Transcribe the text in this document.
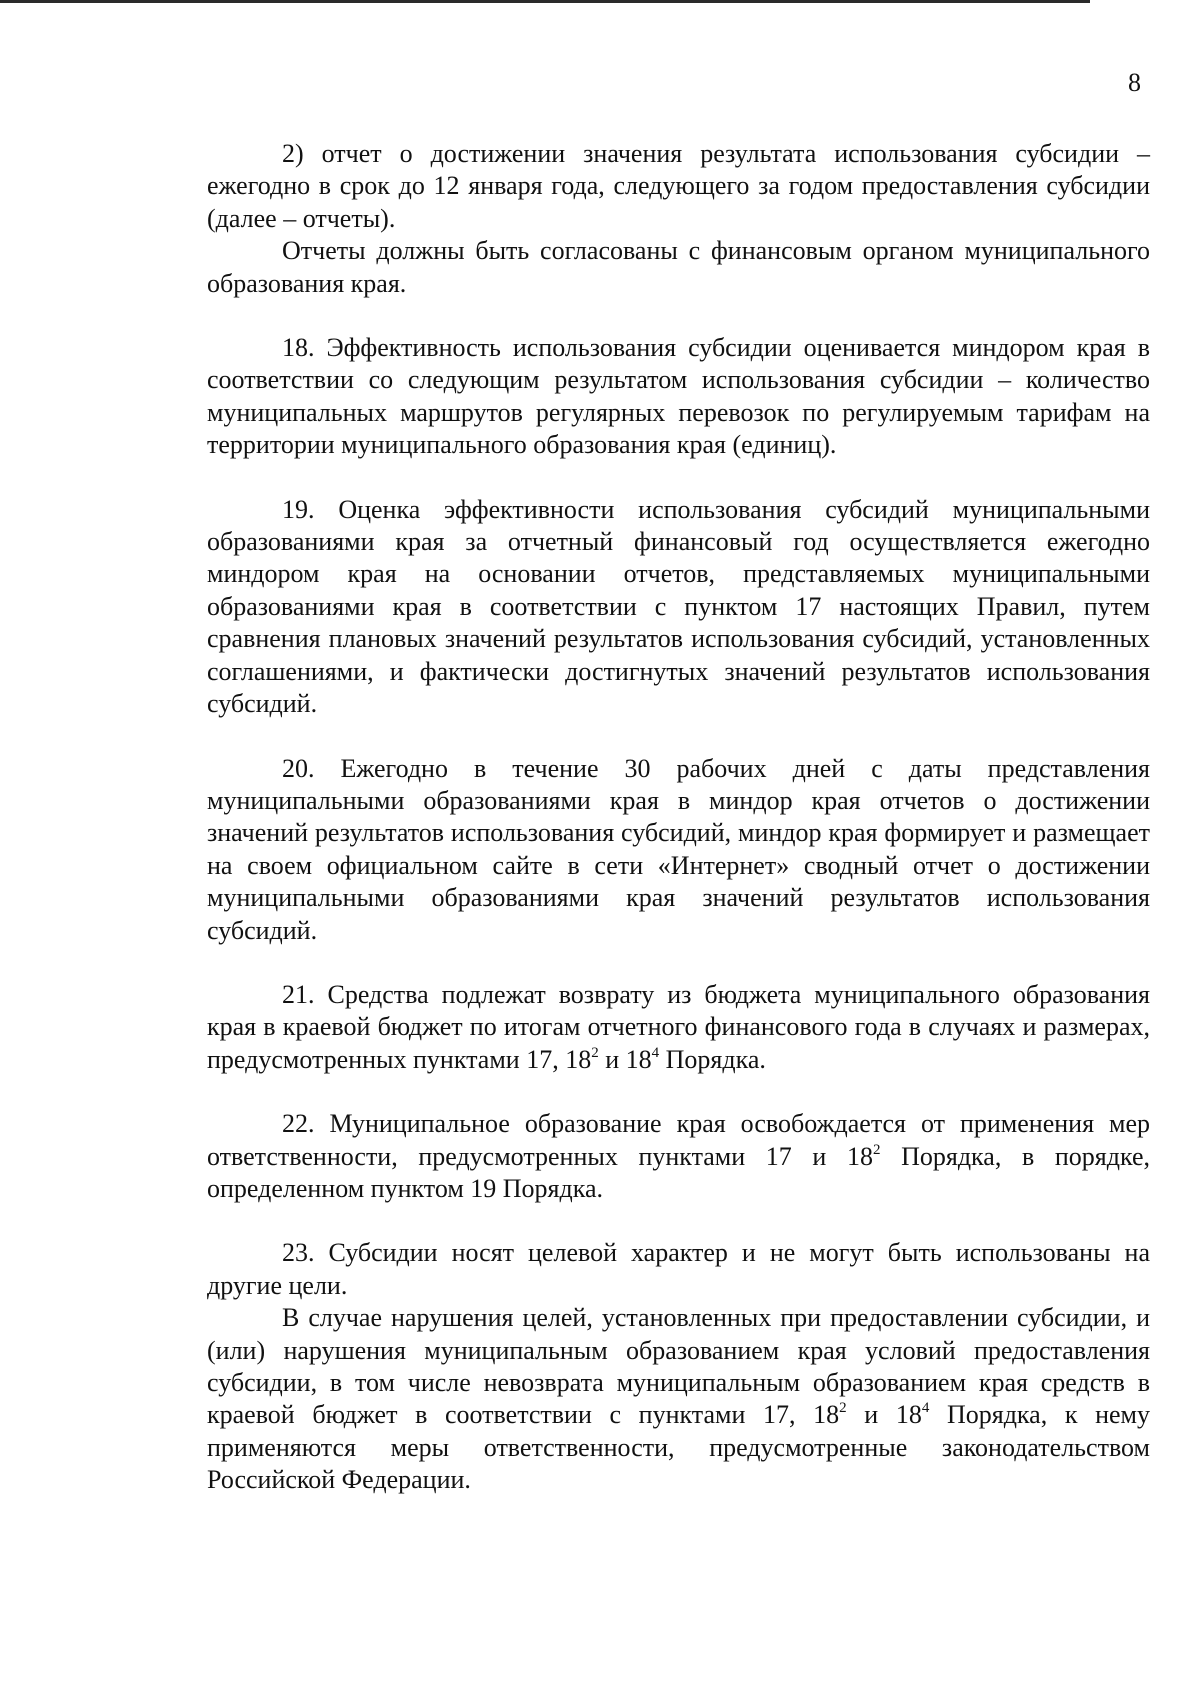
8

2) отчет о достижении значения результата использования субсидии – ежегодно в срок до 12 января года, следующего за годом предоставления субсидии (далее – отчеты).

Отчеты должны быть согласованы с финансовым органом муниципального образования края.

18. Эффективность использования субсидии оценивается миндором края в соответствии со следующим результатом использования субсидии – количество муниципальных маршрутов регулярных перевозок по регулируемым тарифам на территории муниципального образования края (единиц).

19. Оценка эффективности использования субсидий муниципальными образованиями края за отчетный финансовый год осуществляется ежегодно миндором края на основании отчетов, представляемых муниципальными образованиями края в соответствии с пунктом 17 настоящих Правил, путем сравнения плановых значений результатов использования субсидий, установленных соглашениями, и фактически достигнутых значений результатов использования субсидий.

20. Ежегодно в течение 30 рабочих дней с даты представления муниципальными образованиями края в миндор края отчетов о достижении значений результатов использования субсидий, миндор края формирует и размещает на своем официальном сайте в сети «Интернет» сводный отчет о достижении муниципальными образованиями края значений результатов использования субсидий.

21. Средства подлежат возврату из бюджета муниципального образования края в краевой бюджет по итогам отчетного финансового года в случаях и размерах, предусмотренных пунктами 17, $18^2$ и $18^4$ Порядка.

22. Муниципальное образование края освобождается от применения мер ответственности, предусмотренных пунктами 17 и $18^2$ Порядка, в порядке, определенном пунктом 19 Порядка.

23. Субсидии носят целевой характер и не могут быть использованы на другие цели.

В случае нарушения целей, установленных при предоставлении субсидии, и (или) нарушения муниципальным образованием края условий предоставления субсидии, в том числе невозврата муниципальным образованием края средств в краевой бюджет в соответствии с пунктами 17, $18^2$ и $18^4$ Порядка, к нему применяются меры ответственности, предусмотренные законодательством Российской Федерации.
